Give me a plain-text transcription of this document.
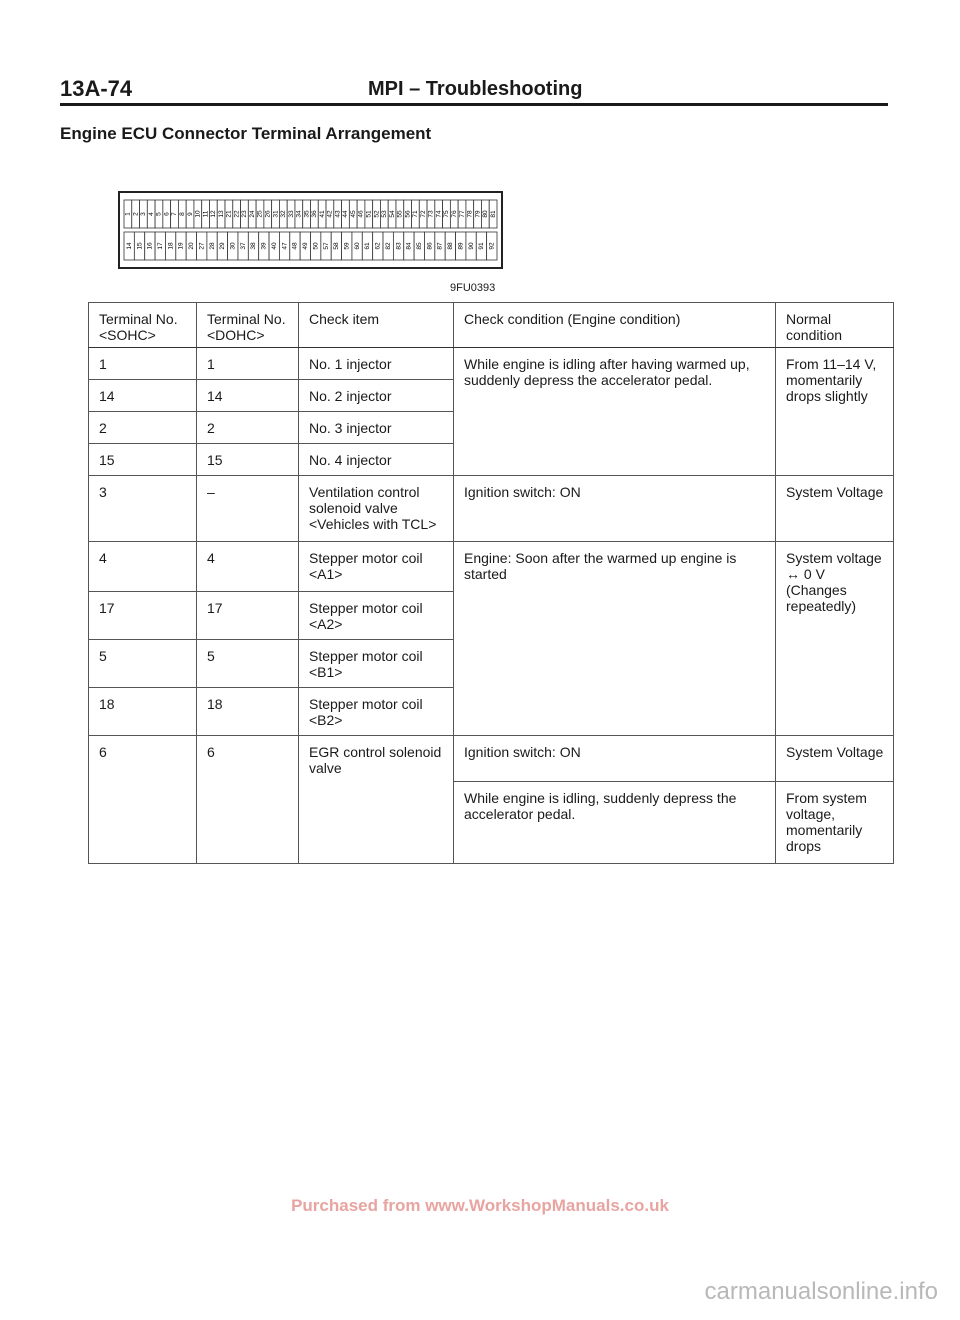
13A-74	MPI – Troubleshooting
Engine ECU Connector Terminal Arrangement
1 2 3 4 5 6 7 8 9 10 11 12 13 21 22 23 24 25 26 31 32 33 34 35 36 41 42 43 44 45 46 51 52 53 54 55 56 71 72 73 74 75 76 77 78 79 80 81
14 15 16 17 18 19 20 27 28 29 30 37 38 39 40 47 48 49 50 57 58 59 60 61 62 82 83 84 85 86 87 88 89 90 91 92
9FU0393
Terminal No. <SOHC>	Terminal No. <DOHC>	Check item	Check condition (Engine condition)	Normal condition
1	1	No. 1 injector	While engine is idling after having warmed up, suddenly depress the accelerator pedal.	From 11–14 V, momentarily drops slightly
14	14	No. 2 injector		
2	2	No. 3 injector		
15	15	No. 4 injector		
3	–	Ventilation control solenoid valve <Vehicles with TCL>	Ignition switch: ON	System Voltage
4	4	Stepper motor coil <A1>	Engine: Soon after the warmed up engine is started	System voltage ↔ 0 V (Changes repeatedly)
17	17	Stepper motor coil <A2>		
5	5	Stepper motor coil <B1>		
18	18	Stepper motor coil <B2>		
6	6	EGR control solenoid valve	Ignition switch: ON	System Voltage
			While engine is idling, suddenly depress the accelerator pedal.	From system voltage, momentarily drops
Purchased from www.WorkshopManuals.co.uk
carmanualsonline.info
